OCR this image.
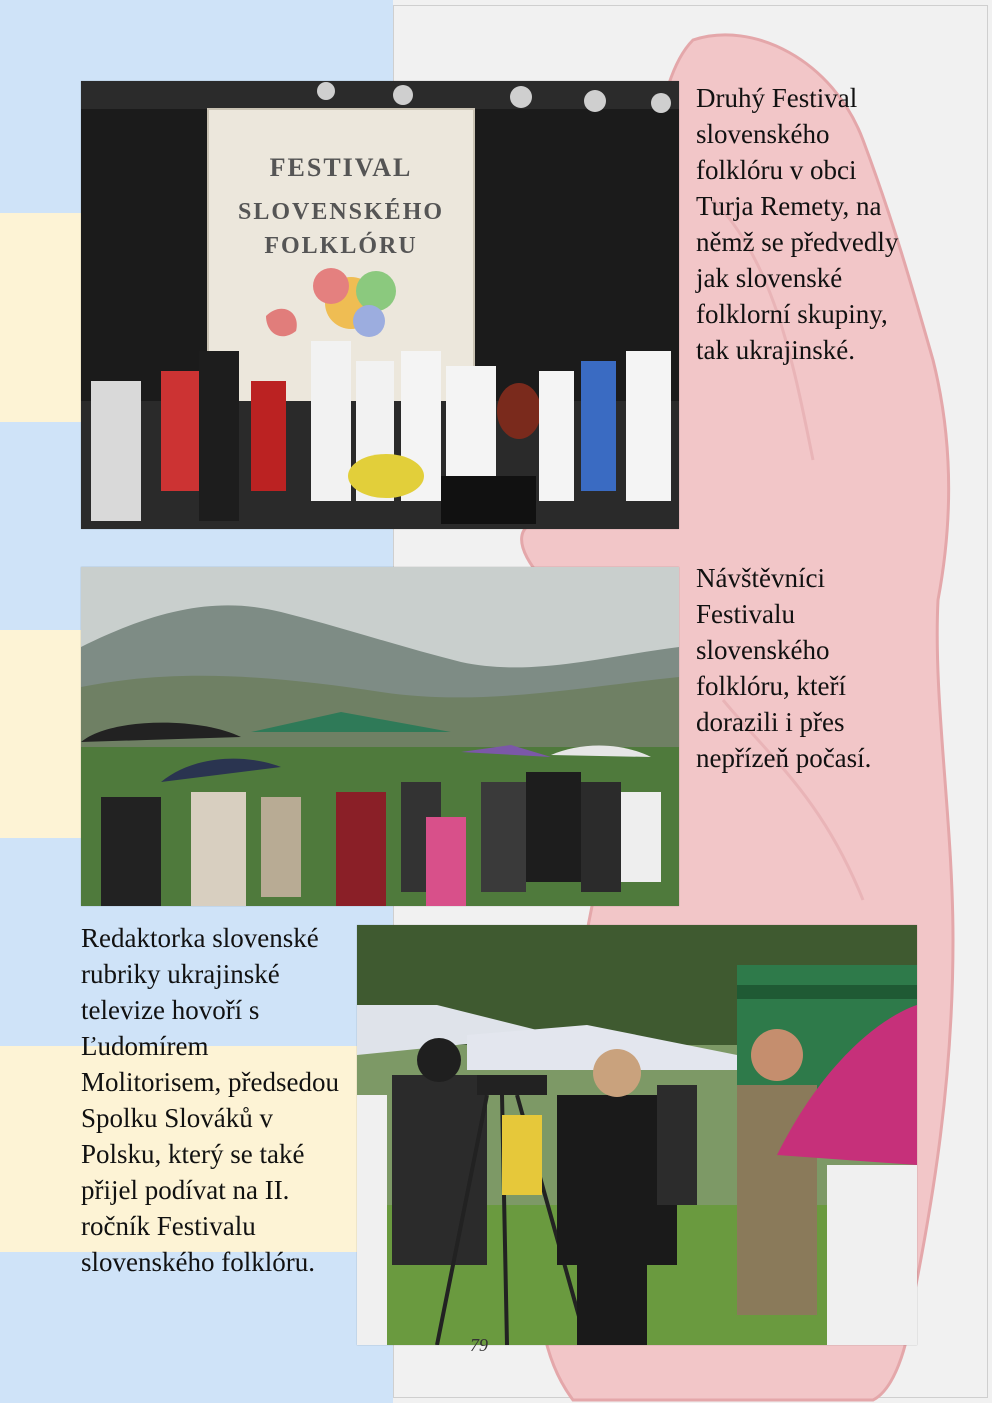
FESTIVAL
SLOVENSKÉHO
FOLKLÓRU

Druhý Festival slovenského folklóru v obci Turja Remety, na němž se předvedly jak slovenské folklorní skupiny, tak ukrajinské.

Návštěvníci Festivalu slovenského folklóru, kteří dorazili i přes nepřízeň počasí.

Redaktorka slovenské rubriky ukrajinské televize hovoří s Ľudomírem Molitorisem, předsedou Spolku Slováků v Polsku, který se také přijel podívat na II. ročník Festivalu slovenského folklóru.

79
